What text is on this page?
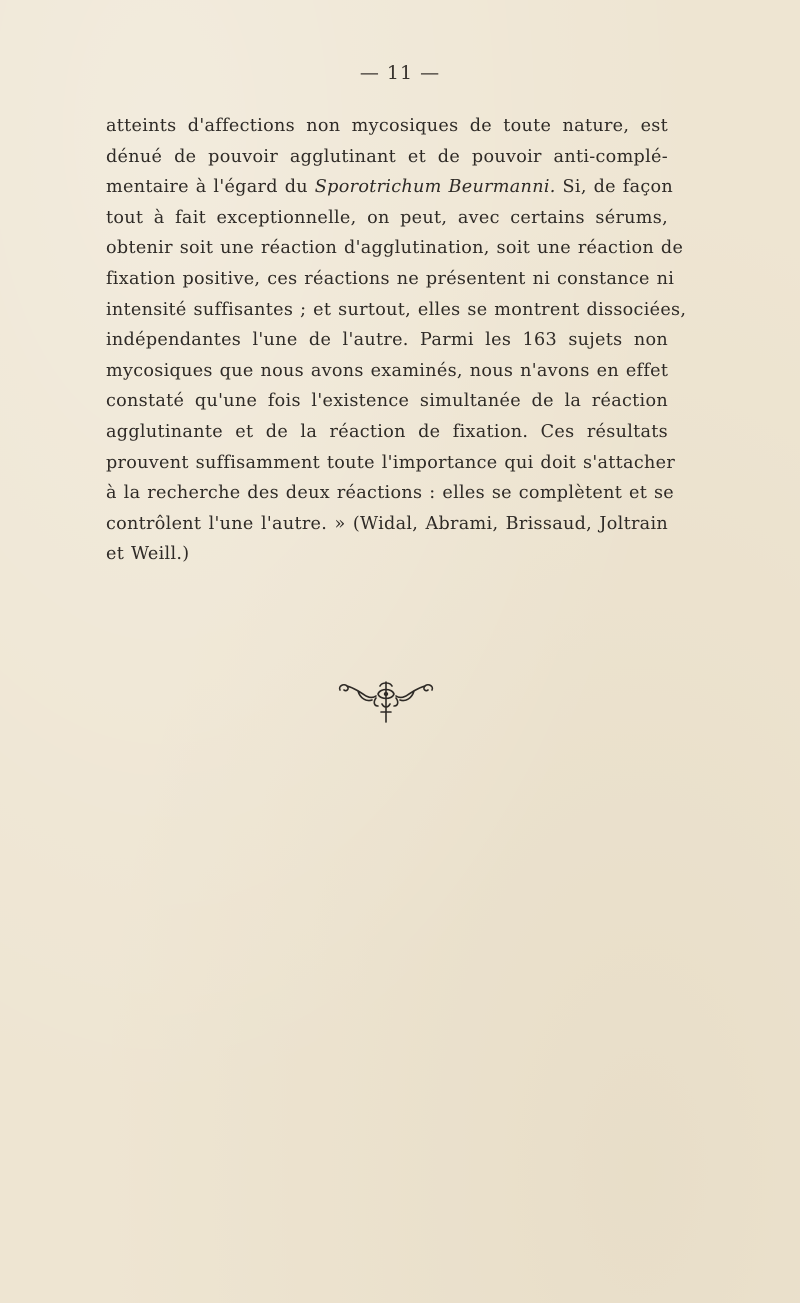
— 11 —
atteints d'affections non mycosiques de toute nature, est
dénué de pouvoir agglutinant et de pouvoir anti-complé-
mentaire à l'égard du Sporotrichum Beurmanni. Si, de façon
tout à fait exceptionnelle, on peut, avec certains sérums,
obtenir soit une réaction d'agglutination, soit une réaction de
fixation positive, ces réactions ne présentent ni constance ni
intensité suffisantes ; et surtout, elles se montrent dissociées,
indépendantes l'une de l'autre. Parmi les 163 sujets non
mycosiques que nous avons examinés, nous n'avons en effet
constaté qu'une fois l'existence simultanée de la réaction
agglutinante et de la réaction de fixation. Ces résultats
prouvent suffisamment toute l'importance qui doit s'attacher
à la recherche des deux réactions : elles se complètent et se
contrôlent l'une l'autre. » (Widal, Abrami, Brissaud, Joltrain
et Weill.)
